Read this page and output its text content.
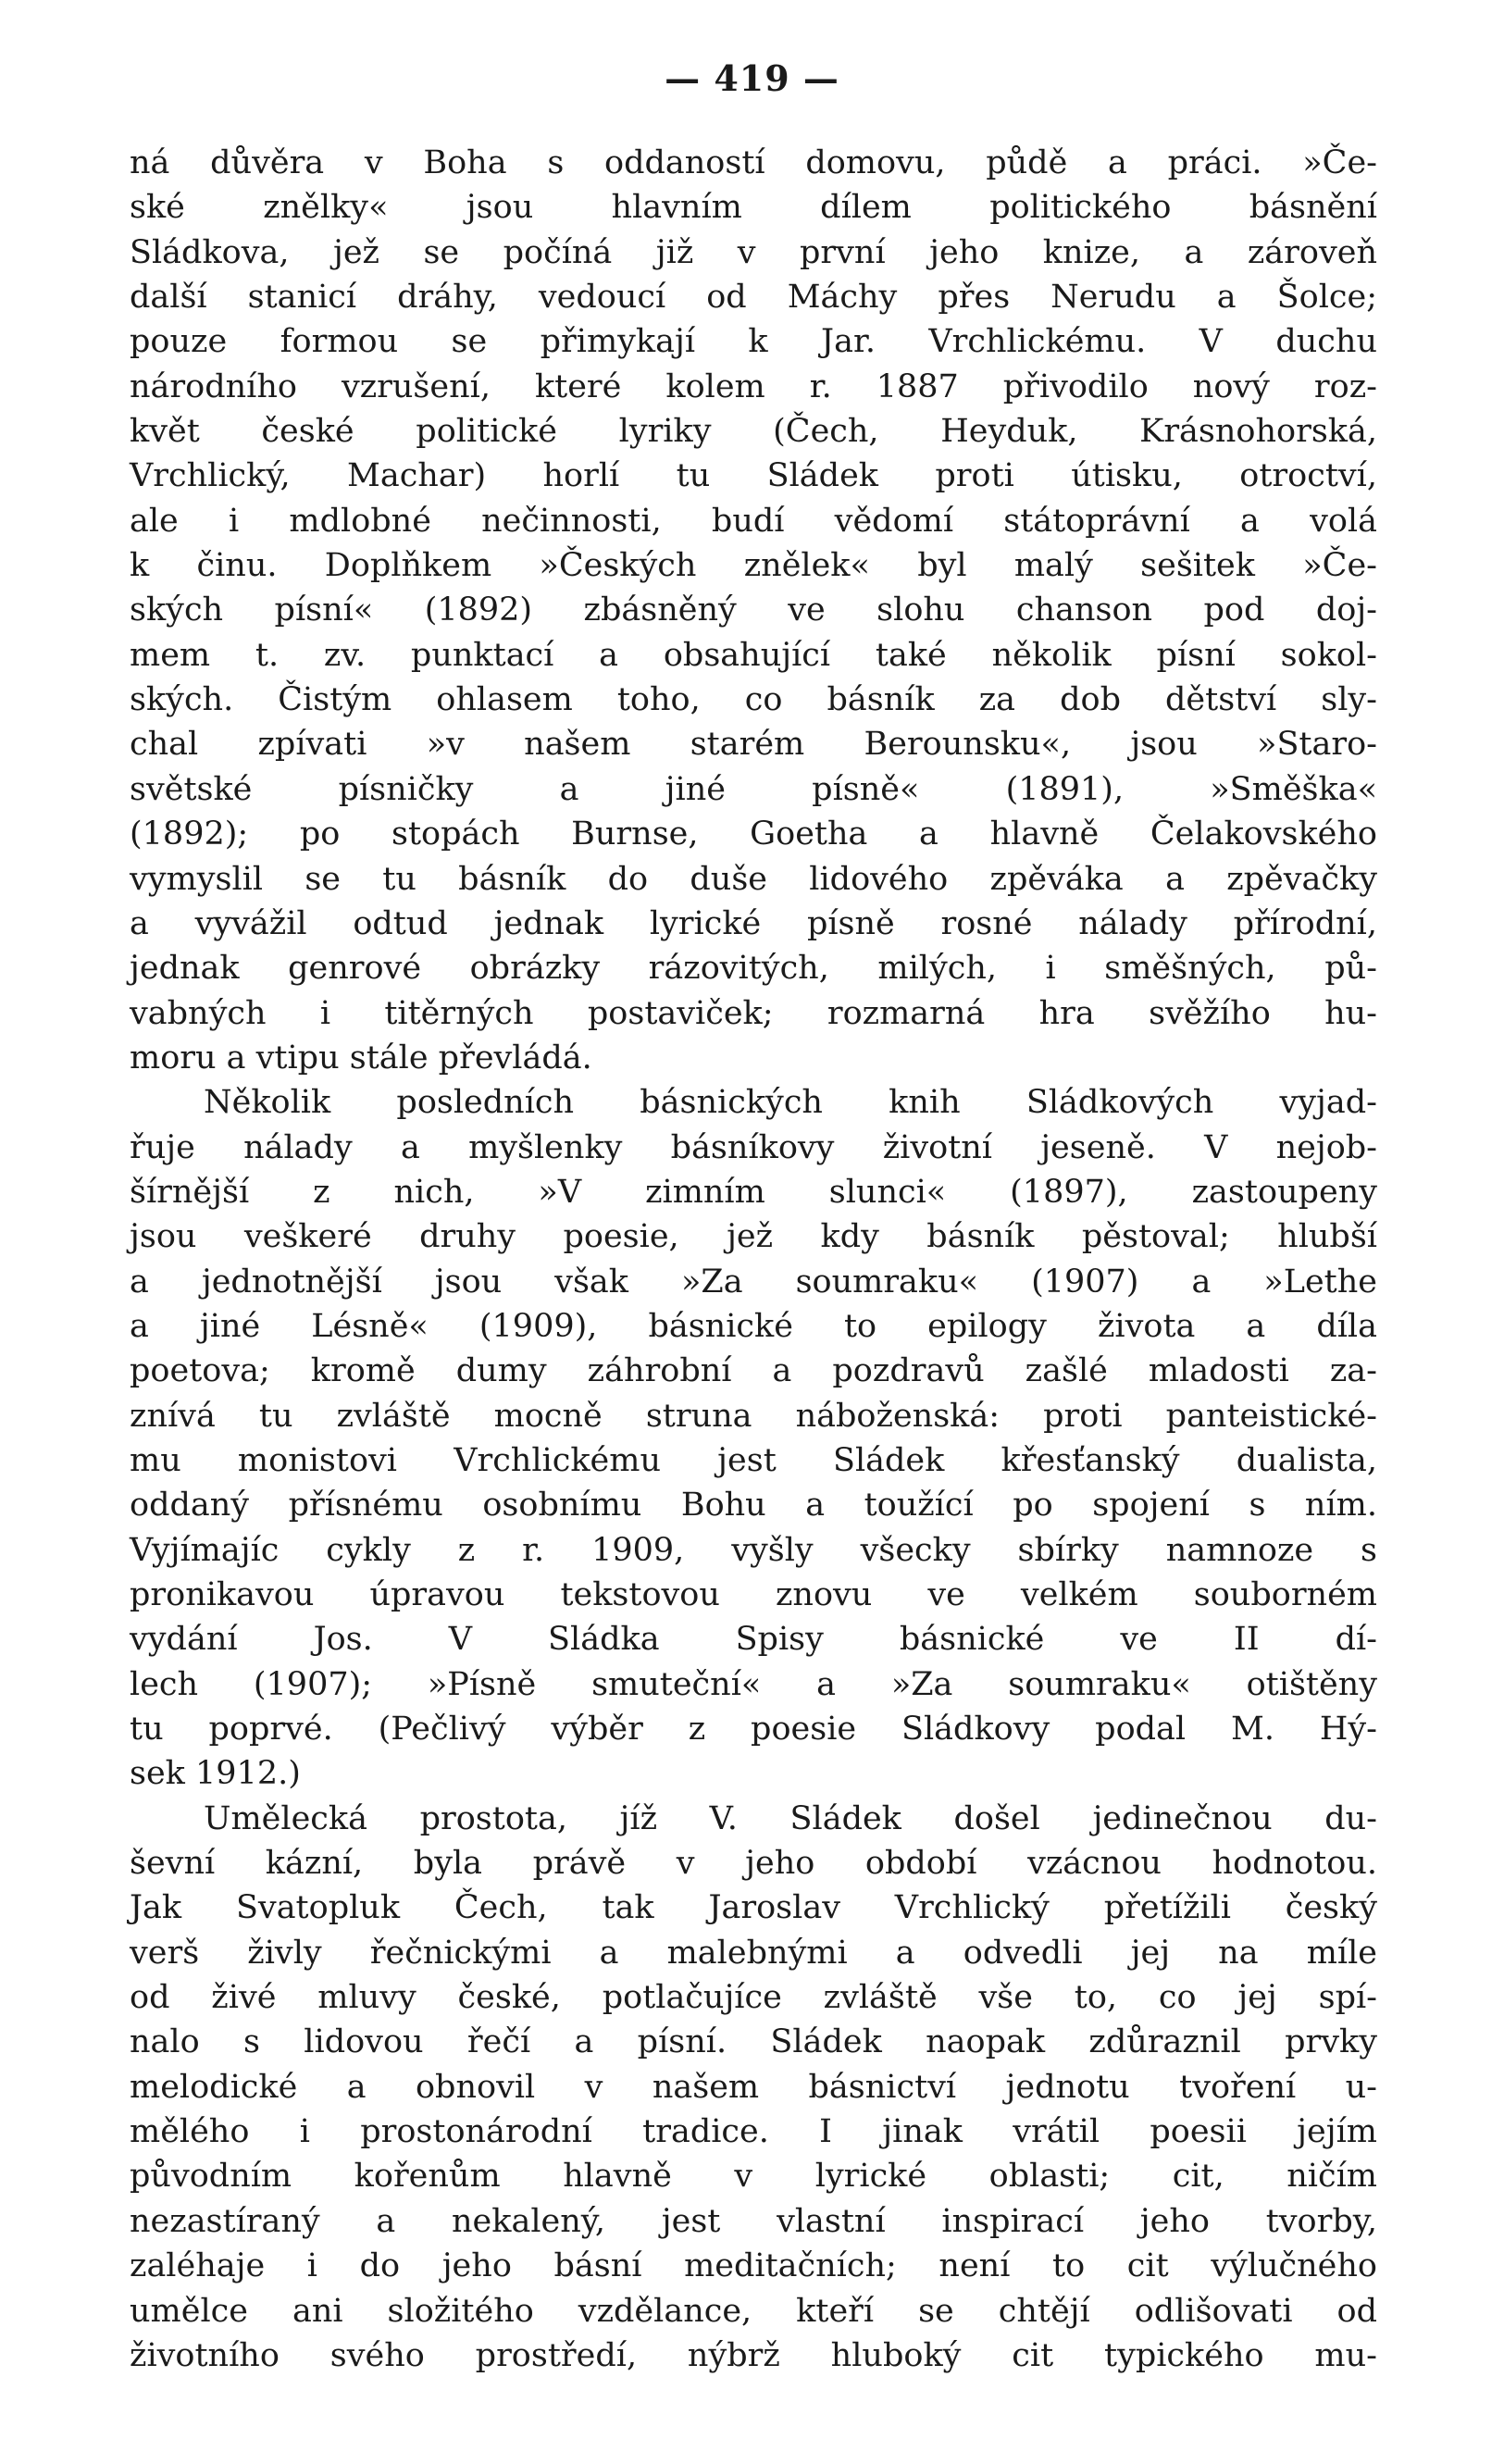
— 419 —
ná důvěra v Boha s oddaností domovu, půdě a práci. »Če-
ské znělky« jsou hlavním dílem politického básnění
Sládkova, jež se počíná již v první jeho knize, a zároveň
další stanicí dráhy, vedoucí od Máchy přes Nerudu a Šolce;
pouze formou se přimykají k Jar. Vrchlickému. V duchu
národního vzrušení, které kolem r. 1887 přivodilo nový roz-
květ české politické lyriky (Čech, Heyduk, Krásnohorská,
Vrchlický, Machar) horlí tu Sládek proti útisku, otroctví,
ale i mdlobné nečinnosti, budí vědomí státoprávní a volá
k činu. Doplňkem »Českých znělek« byl malý sešitek »Če-
ských písní« (1892) zbásněný ve slohu chanson pod doj-
mem t. zv. punktací a obsahující také několik písní sokol-
ských. Čistým ohlasem toho, co básník za dob dětství sly-
chal zpívati »v našem starém Berounsku«, jsou »Staro-
světské písničky a jiné písně« (1891), »Směška«
(1892); po stopách Burnse, Goetha a hlavně Čelakovského
vymyslil se tu básník do duše lidového zpěváka a zpěvačky
a vyvážil odtud jednak lyrické písně rosné nálady přírodní,
jednak genrové obrázky rázovitých, milých, i směšných, pů-
vabných i titěrných postaviček; rozmarná hra svěžího hu-
moru a vtipu stále převládá.
Několik posledních básnických knih Sládkových vyjad-
řuje nálady a myšlenky básníkovy životní jeseně. V nejob-
šírnější z nich, »V zimním slunci« (1897), zastoupeny
jsou veškeré druhy poesie, jež kdy básník pěstoval; hlubší
a jednotnější jsou však »Za soumraku« (1907) a »Lethe
a jiné Lésně« (1909), básnické to epilogy života a díla
poetova; kromě dumy záhrobní a pozdravů zašlé mladosti za-
znívá tu zvláště mocně struna náboženská: proti panteistické-
mu monistovi Vrchlickému jest Sládek křesťanský dualista,
oddaný přísnému osobnímu Bohu a toužící po spojení s ním.
Vyjímajíc cykly z r. 1909, vyšly všecky sbírky namnoze s
pronikavou úpravou tekstovou znovu ve velkém souborném
vydání Jos. V Sládka Spisy básnické ve II dí-
lech (1907); »Písně smuteční« a »Za soumraku« otištěny
tu poprvé. (Pečlivý výběr z poesie Sládkovy podal M. Hý-
sek 1912.)
Umělecká prostota, jíž V. Sládek došel jedinečnou du-
ševní kázní, byla právě v jeho období vzácnou hodnotou.
Jak Svatopluk Čech, tak Jaroslav Vrchlický přetížili český
verš živly řečnickými a malebnými a odvedli jej na míle
od živé mluvy české, potlačujíce zvláště vše to, co jej spí-
nalo s lidovou řečí a písní. Sládek naopak zdůraznil prvky
melodické a obnovil v našem básnictví jednotu tvoření u-
mělého i prostonárodní tradice. I jinak vrátil poesii jejím
původním kořenům hlavně v lyrické oblasti; cit, ničím
nezastíraný a nekalený, jest vlastní inspirací jeho tvorby,
zaléhaje i do jeho básní meditačních; není to cit výlučného
umělce ani složitého vzdělance, kteří se chtějí odlišovati od
životního svého prostředí, nýbrž hluboký cit typického mu-
